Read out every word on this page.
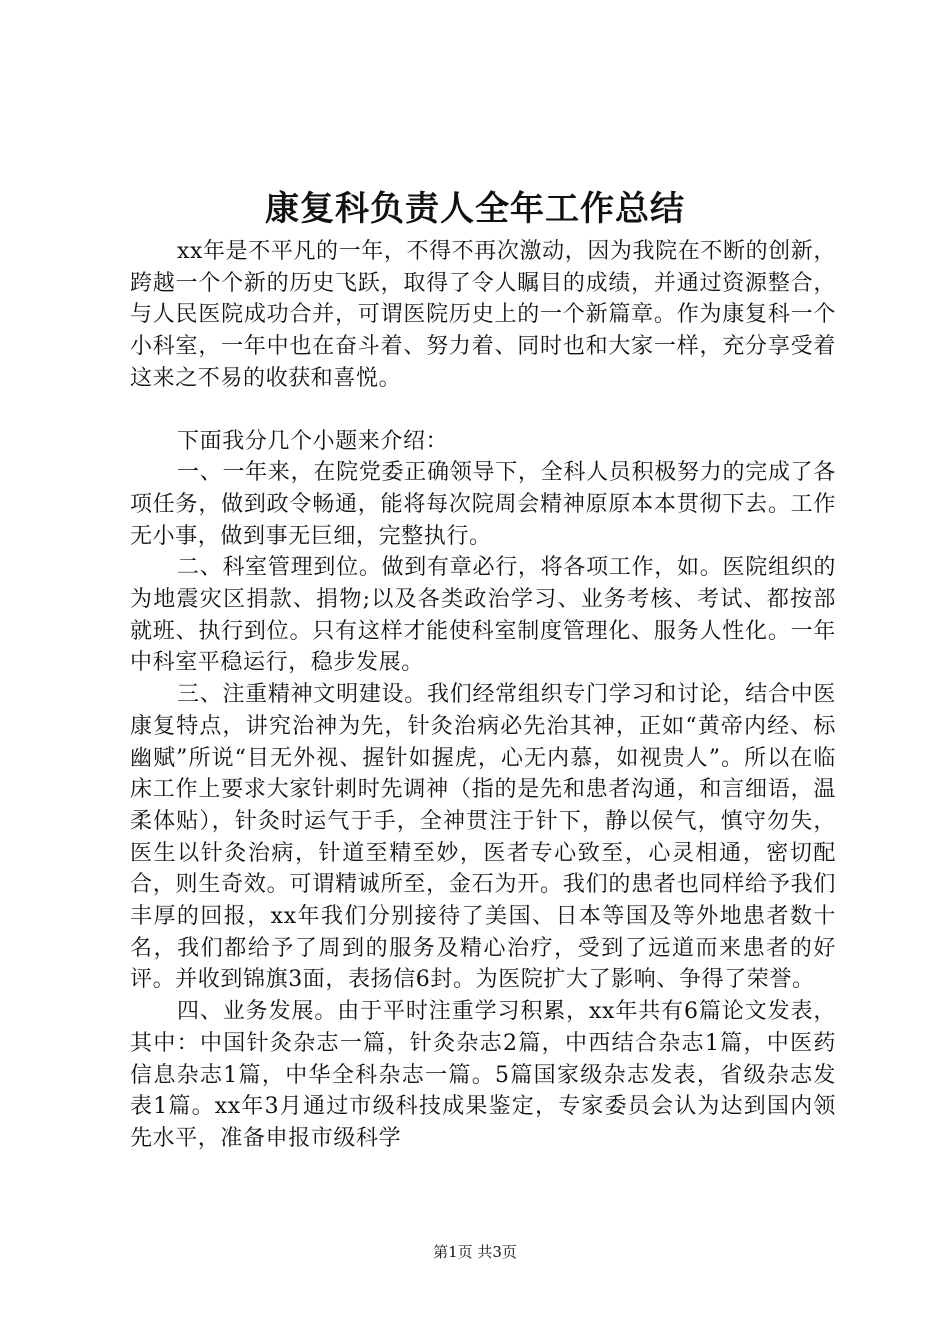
康复科负责人全年工作总结

xx年是不平凡的一年，不得不再次激动，因为我院在不断的创新，跨越一个个新的历史飞跃，取得了令人瞩目的成绩，并通过资源整合，与人民医院成功合并，可谓医院历史上的一个新篇章。作为康复科一个小科室，一年中也在奋斗着、努力着、同时也和大家一样，充分享受着这来之不易的收获和喜悦。

下面我分几个小题来介绍：

一、一年来，在院党委正确领导下，全科人员积极努力的完成了各项任务，做到政令畅通，能将每次院周会精神原原本本贯彻下去。工作无小事，做到事无巨细，完整执行。

二、科室管理到位。做到有章必行，将各项工作，如。医院组织的为地震灾区捐款、捐物;以及各类政治学习、业务考核、考试、都按部就班、执行到位。只有这样才能使科室制度管理化、服务人性化。一年中科室平稳运行，稳步发展。

三、注重精神文明建设。我们经常组织专门学习和讨论，结合中医康复特点，讲究治神为先，针灸治病必先治其神，正如“黄帝内经、标幽赋”所说“目无外视、握针如握虎，心无内慕，如视贵人”。所以在临床工作上要求大家针刺时先调神（指的是先和患者沟通，和言细语，温柔体贴），针灸时运气于手，全神贯注于针下，静以侯气，慎守勿失，医生以针灸治病，针道至精至妙，医者专心致至，心灵相通，密切配合，则生奇效。可谓精诚所至，金石为开。我们的患者也同样给予我们丰厚的回报，xx年我们分别接待了美国、日本等国及等外地患者数十名，我们都给予了周到的服务及精心治疗，受到了远道而来患者的好评。并收到锦旗3面，表扬信6封。为医院扩大了影响、争得了荣誉。

四、业务发展。由于平时注重学习积累，xx年共有6篇论文发表，其中：中国针灸杂志一篇，针灸杂志2篇，中西结合杂志1篇，中医药信息杂志1篇，中华全科杂志一篇。5篇国家级杂志发表，省级杂志发表1篇。xx年3月通过市级科技成果鉴定，专家委员会认为达到国内领先水平，准备申报市级科学

第1页 共3页
